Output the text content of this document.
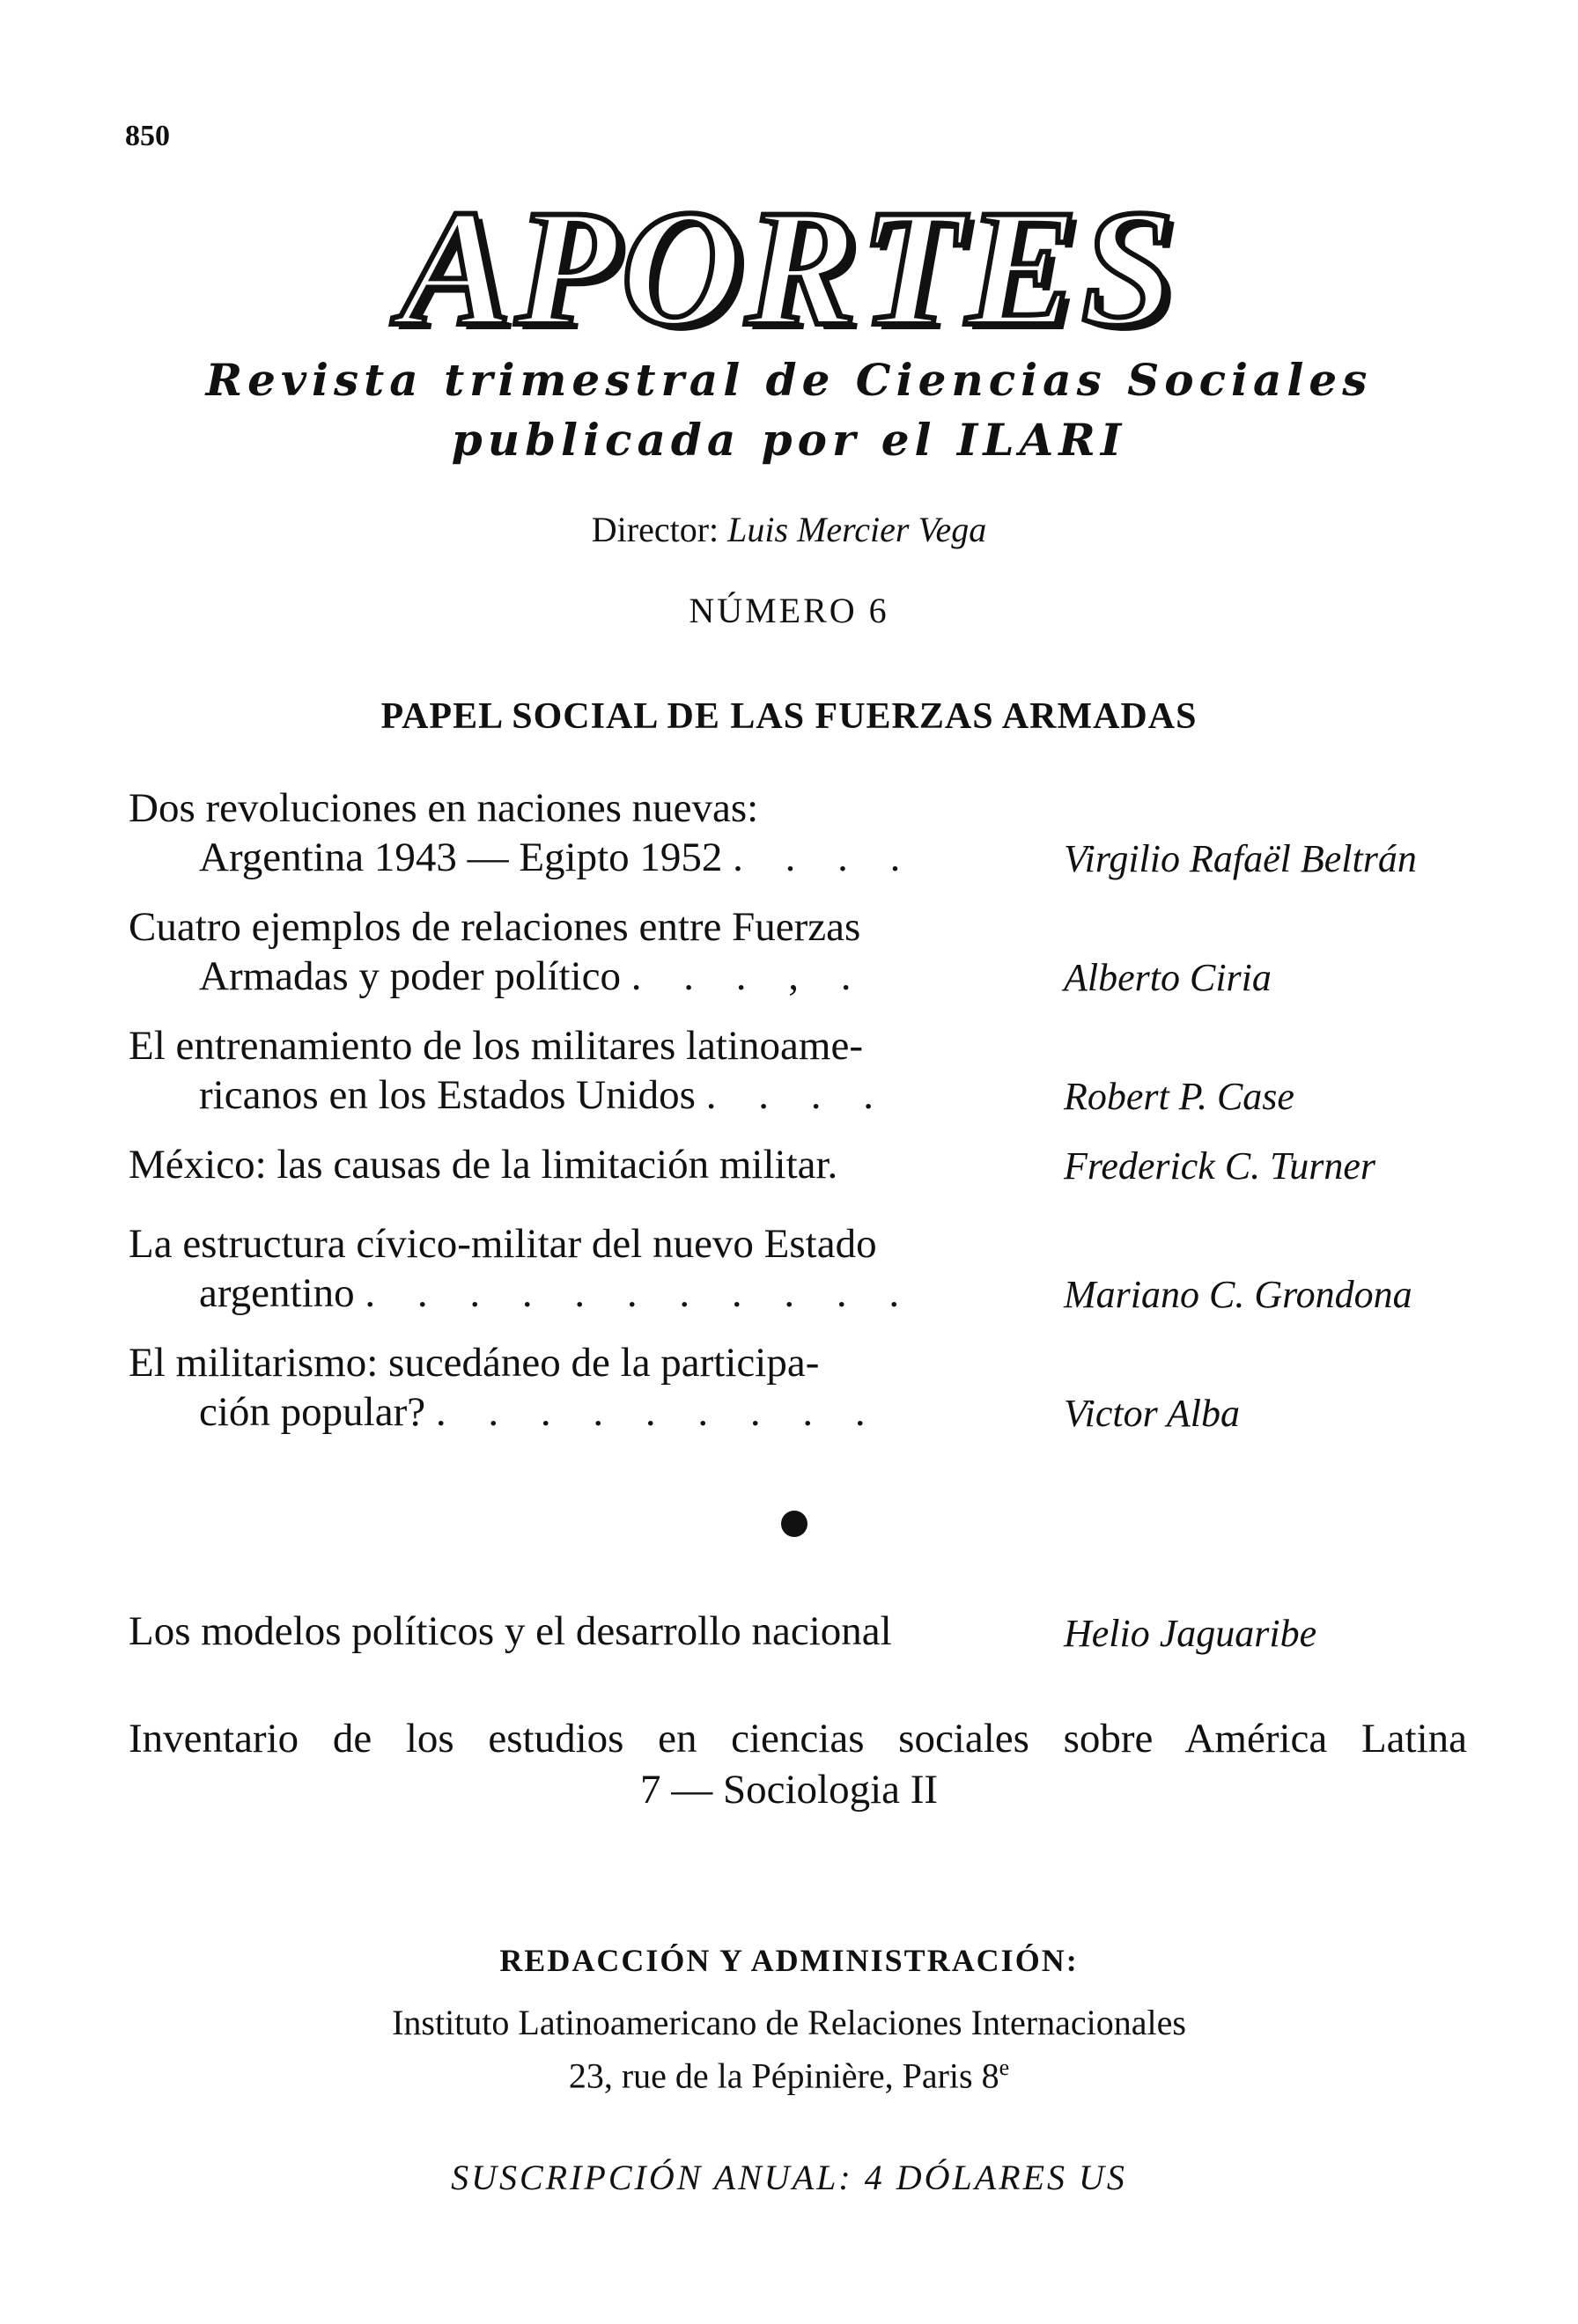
850
APORTES
Revista trimestral de Ciencias Sociales
publicada por el ILARI
Director: Luis Mercier Vega
NÚMERO 6
PAPEL SOCIAL DE LAS FUERZAS ARMADAS
Dos revoluciones en naciones nuevas:
Argentina 1943 — Egipto 1952 . . . .	Virgilio Rafaël Beltrán
Cuatro ejemplos de relaciones entre Fuerzas
Armadas y poder político . . . , .	Alberto Ciria
El entrenamiento de los militares latinoame-
ricanos en los Estados Unidos . . . .	Robert P. Case
México: las causas de la limitación militar.	Frederick C. Turner
La estructura cívico-militar del nuevo Estado
argentino . . . . . . . . . . .	Mariano C. Grondona
El militarismo: sucedáneo de la participa-
ción popular? . . . . . . . . .	Victor Alba
Los modelos políticos y el desarrollo nacional	Helio Jaguaribe
Inventario de los estudios en ciencias sociales sobre América Latina
7 — Sociologia II
REDACCIÓN Y ADMINISTRACIÓN:
Instituto Latinoamericano de Relaciones Internacionales
23, rue de la Pépinière, Paris 8e
SUSCRIPCIÓN ANUAL: 4 DÓLARES US
